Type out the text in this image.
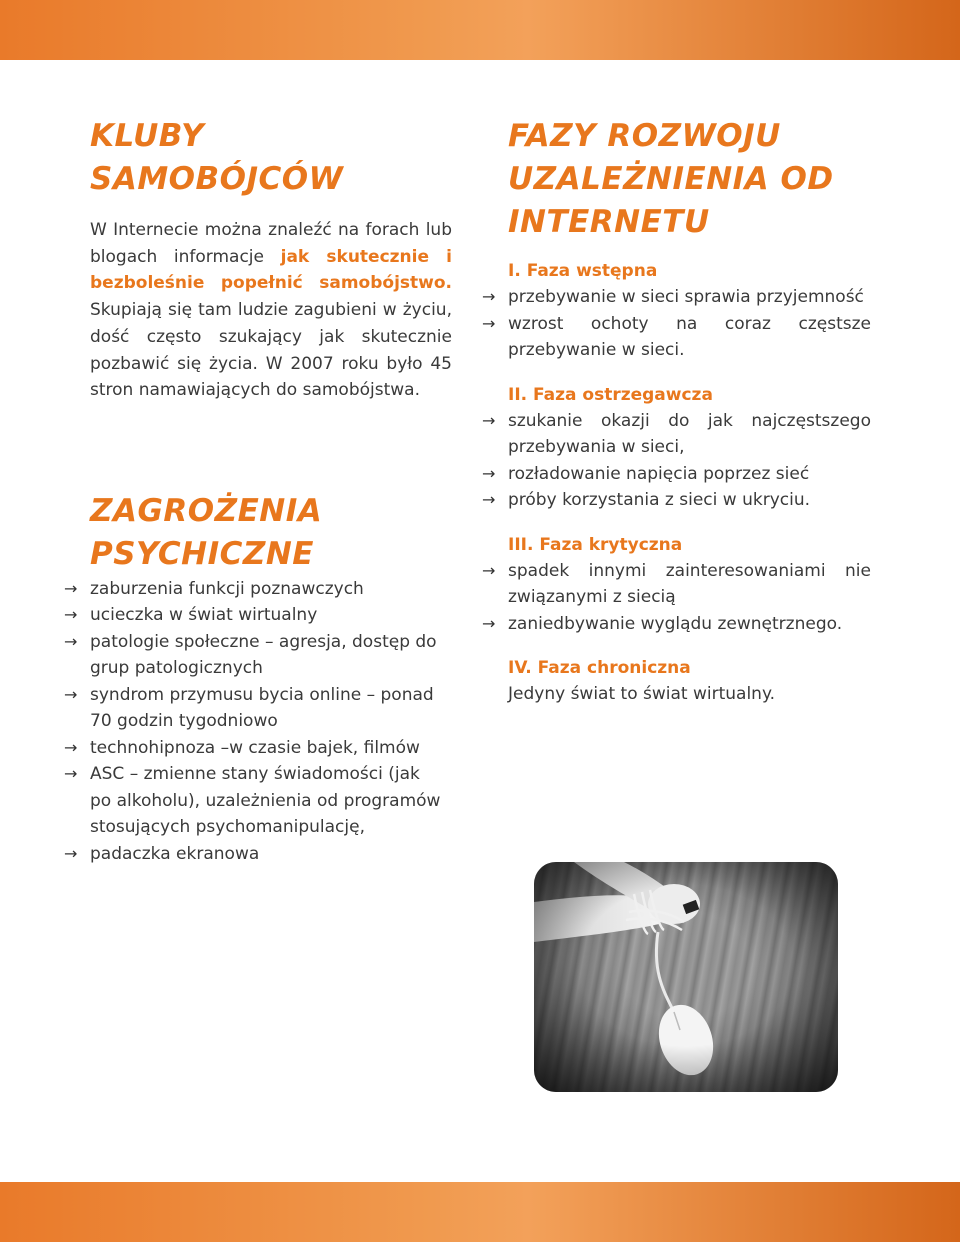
KLUBY
SAMOBÓJCÓW

W Internecie można znaleźć na forach lub blogach informacje jak skutecznie i bezboleśnie popełnić samobójstwo. Skupiają się tam ludzie zagubieni w życiu, dość często szukający jak skutecznie pozbawić się życia. W 2007 roku było 45 stron namawiających do samobójstwa.

ZAGROŻENIA
PSYCHICZNE
→ zaburzenia funkcji poznawczych
→ ucieczka w świat wirtualny
→ patologie społeczne – agresja, dostęp do grup patologicznych
→ syndrom przymusu bycia online – ponad 70 godzin tygodniowo
→ technohipnoza –w czasie bajek, filmów
→ ASC – zmienne stany świadomości (jak po alkoholu), uzależnienia od programów stosujących psychomanipulację,
→ padaczka ekranowa
FAZY ROZWOJU
UZALEŻNIENIA OD
INTERNETU
I. Faza wstępna
→ przebywanie w sieci sprawia przyjemność
→ wzrost ochoty na coraz częstsze przebywanie w sieci.
II. Faza ostrzegawcza
→ szukanie okazji do jak najczęstszego przebywania w sieci,
→ rozładowanie napięcia poprzez sieć
→ próby korzystania z sieci w ukryciu.
III. Faza krytyczna
→ spadek innymi zainteresowaniami nie związanymi z siecią
→ zaniedbywanie wyglądu zewnętrznego.
IV. Faza chroniczna
Jedyny świat to świat wirtualny.
